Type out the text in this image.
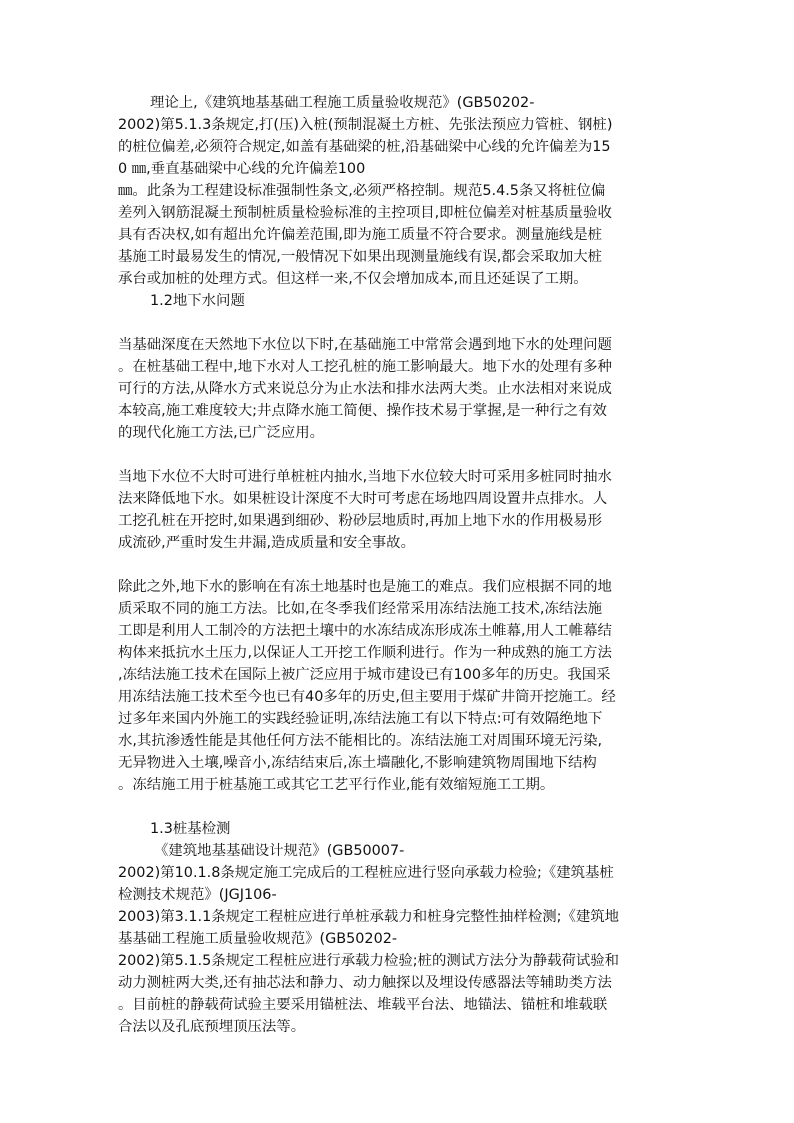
理论上,《建筑地基基础工程施工质量验收规范》(GB50202-
2002)第5.1.3条规定,打(压)入桩(预制混凝土方桩、先张法预应力管桩、钢桩)
的桩位偏差,必须符合规定,如盖有基础梁的桩,沿基础梁中心线的允许偏差为15
0 ㎜,垂直基础梁中心线的允许偏差100
㎜。此条为工程建设标准强制性条文,必须严格控制。规范5.4.5条又将桩位偏
差列入钢筋混凝土预制桩质量检验标准的主控项目,即桩位偏差对桩基质量验收
具有否决权,如有超出允许偏差范围,即为施工质量不符合要求。测量施线是桩
基施工时最易发生的情况,一般情况下如果出现测量施线有误,都会采取加大桩
承台或加桩的处理方式。但这样一来,不仅会增加成本,而且还延误了工期。
1.2地下水问题
当基础深度在天然地下水位以下时,在基础施工中常常会遇到地下水的处理问题
。在桩基础工程中,地下水对人工挖孔桩的施工影响最大。地下水的处理有多种
可行的方法,从降水方式来说总分为止水法和排水法两大类。止水法相对来说成
本较高,施工难度较大;井点降水施工简便、操作技术易于掌握,是一种行之有效
的现代化施工方法,已广泛应用。
当地下水位不大时可进行单桩桩内抽水,当地下水位较大时可采用多桩同时抽水
法来降低地下水。如果桩设计深度不大时可考虑在场地四周设置井点排水。人
工挖孔桩在开挖时,如果遇到细砂、粉砂层地质时,再加上地下水的作用极易形
成流砂,严重时发生井漏,造成质量和安全事故。
除此之外,地下水的影响在有冻土地基时也是施工的难点。我们应根据不同的地
质采取不同的施工方法。比如,在冬季我们经常采用冻结法施工技术,冻结法施
工即是利用人工制冷的方法把土壤中的水冻结成冻形成冻土帷幕,用人工帷幕结
构体来抵抗水土压力,以保证人工开挖工作顺利进行。作为一种成熟的施工方法
,冻结法施工技术在国际上被广泛应用于城市建设已有100多年的历史。我国采
用冻结法施工技术至今也已有40多年的历史,但主要用于煤矿井筒开挖施工。经
过多年来国内外施工的实践经验证明,冻结法施工有以下特点:可有效隔绝地下
水,其抗渗透性能是其他任何方法不能相比的。冻结法施工对周围环境无污染,
无异物进入土壤,噪音小,冻结结束后,冻土墙融化,不影响建筑物周围地下结构
。冻结施工用于桩基施工或其它工艺平行作业,能有效缩短施工工期。
1.3桩基检测
《建筑地基基础设计规范》(GB50007-
2002)第10.1.8条规定施工完成后的工程桩应进行竖向承载力检验;《建筑基桩
检测技术规范》(JGJ106-
2003)第3.1.1条规定工程桩应进行单桩承载力和桩身完整性抽样检测;《建筑地
基基础工程施工质量验收规范》(GB50202-
2002)第5.1.5条规定工程桩应进行承载力检验;桩的测试方法分为静载荷试验和
动力测桩两大类,还有抽芯法和静力、动力触探以及埋设传感器法等辅助类方法
。目前桩的静载荷试验主要采用锚桩法、堆载平台法、地锚法、锚桩和堆载联
合法以及孔底预埋顶压法等。
